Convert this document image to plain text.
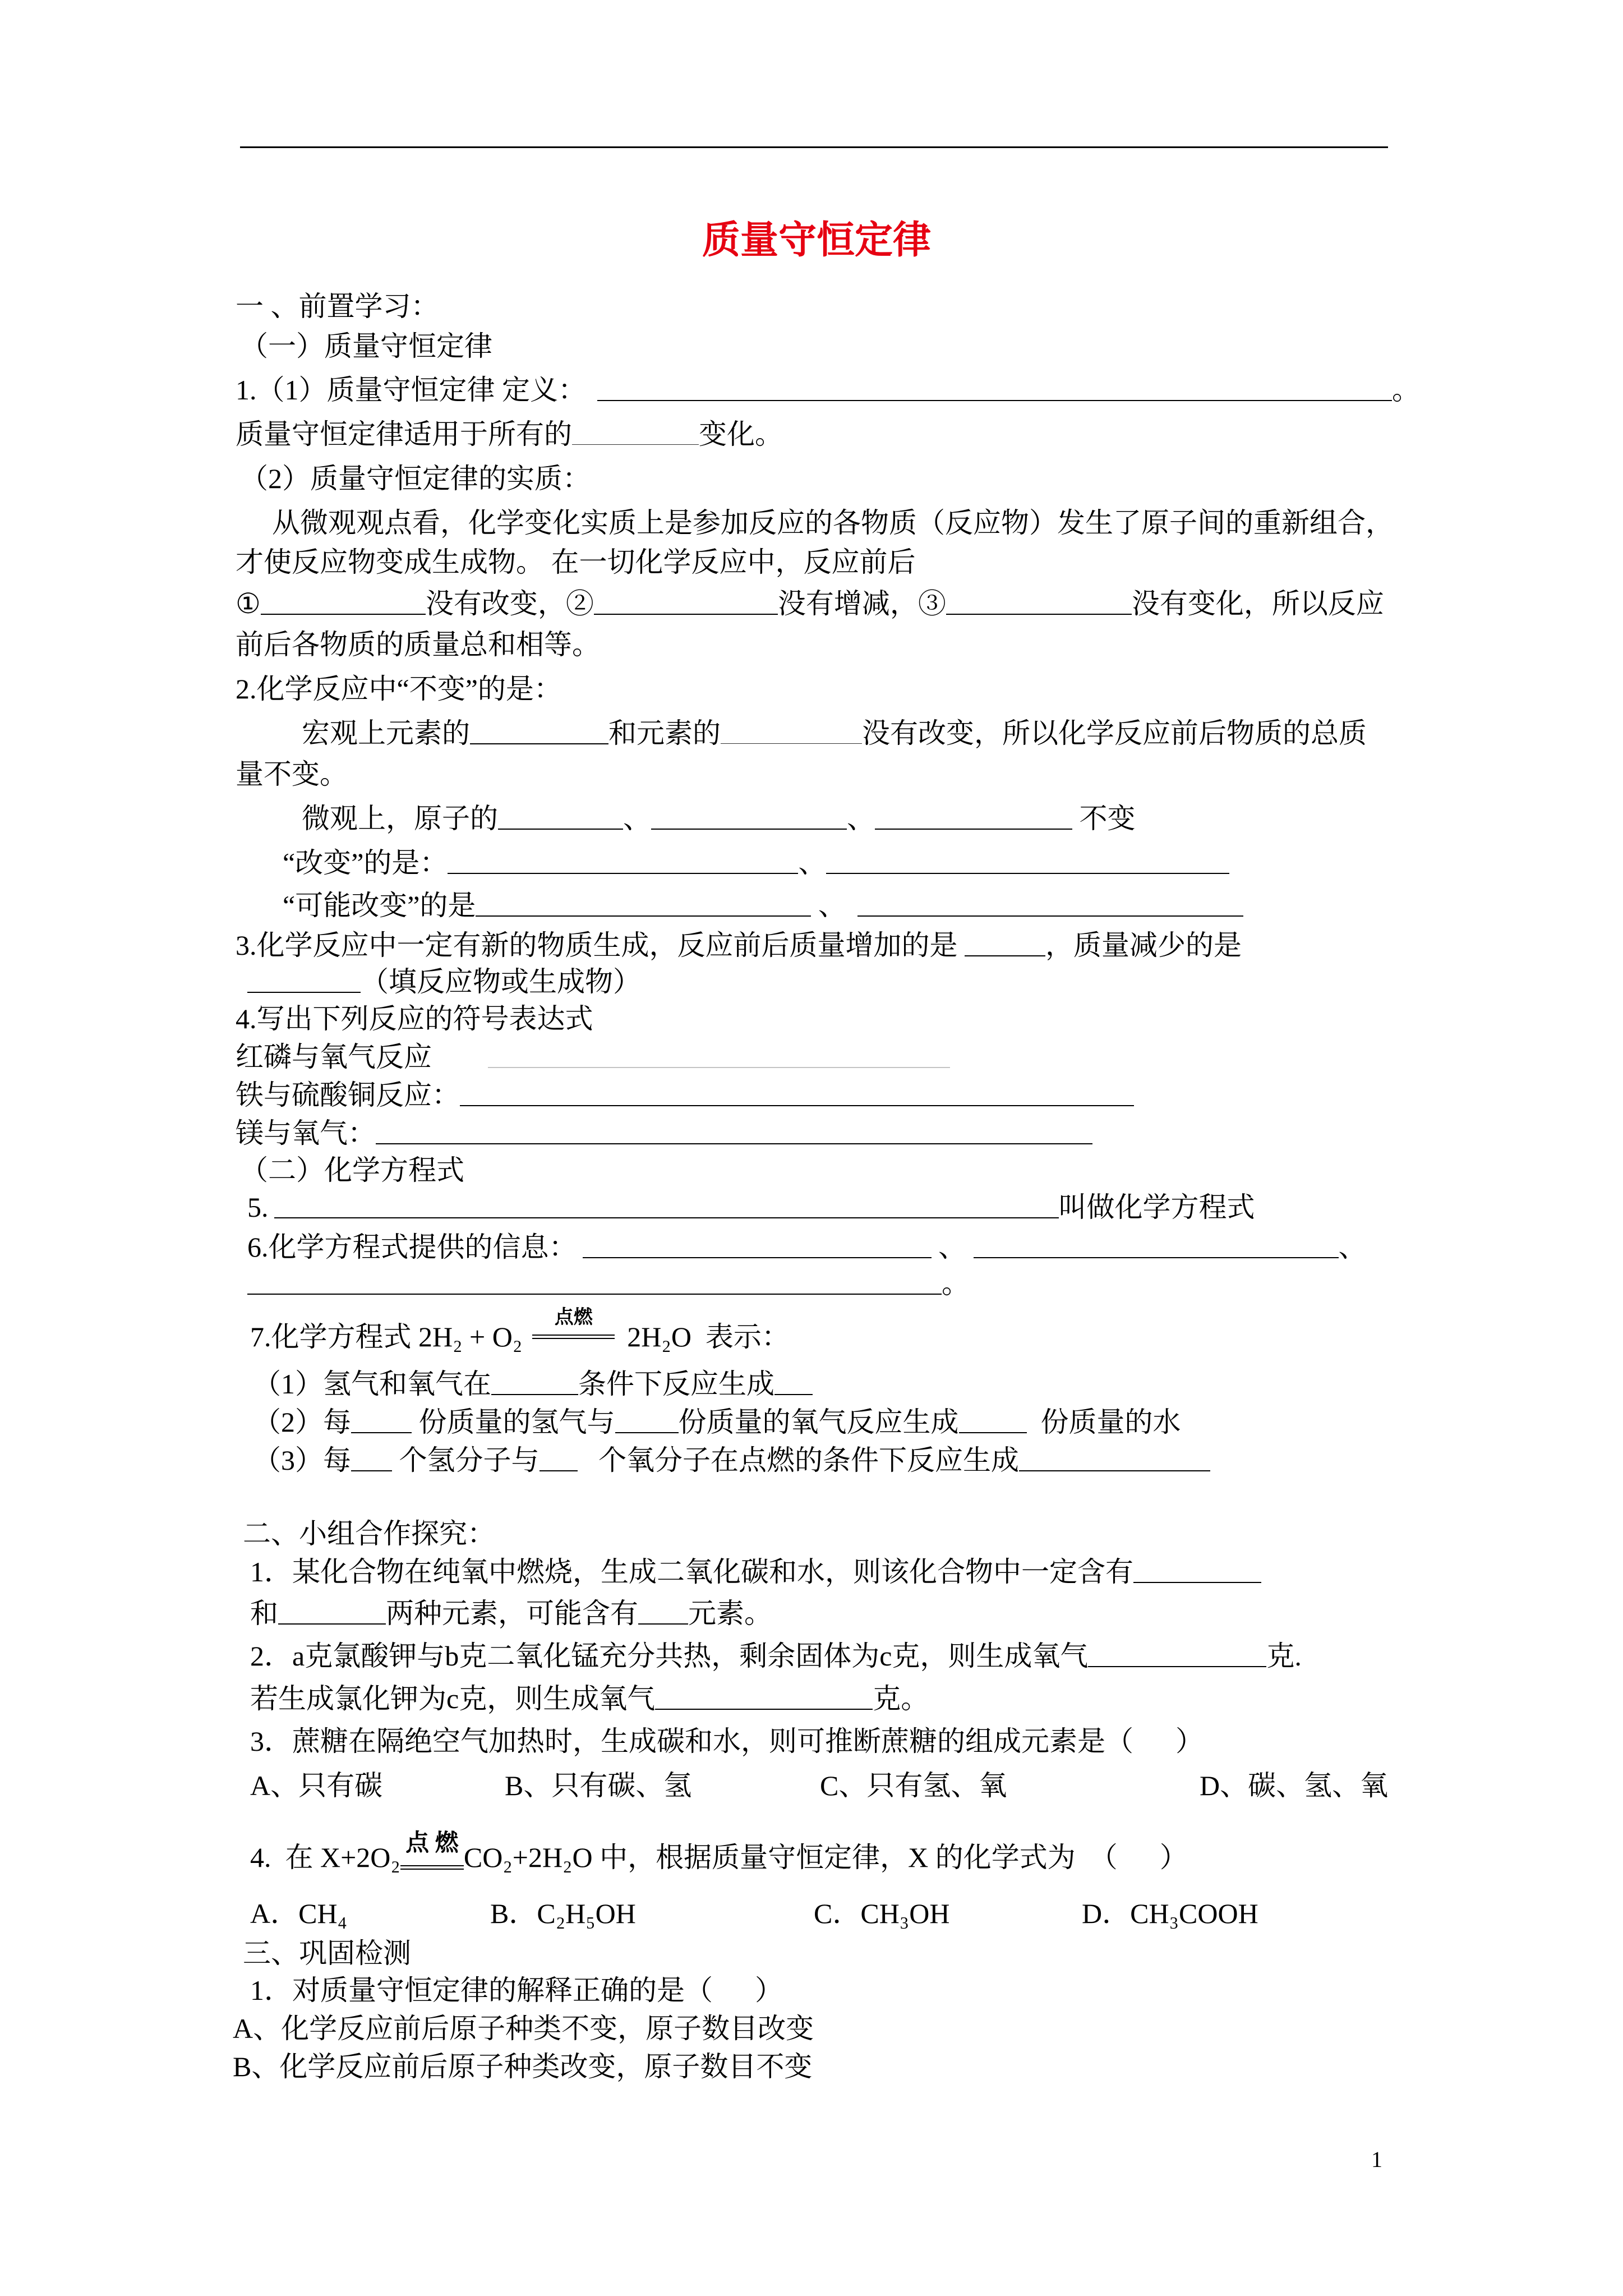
质量守恒定律
一 、前置学习：
（一）质量守恒定律
1.（1）质量守恒定律 定义：	。
质量守恒定律适用于所有的	变化。
（2）质量守恒定律的实质：
从微观观点看，化学变化实质上是参加反应的各物质（反应物）发生了原子间的重新组合，
才使反应物变成生成物。 在一切化学反应中，反应前后
①	没有改变，②	没有增减，③	没有变化，所以反应
前后各物质的质量总和相等。
2.化学反应中“不变”的是：
宏观上元素的	和元素的	没有改变，所以化学反应前后物质的总质
量不变。
微观上，原子的	、	、	不变
“改变”的是：	、
“可能改变”的是	、
3.化学反应中一定有新的物质生成，反应前后质量增加的是	，质量减少的是
（填反应物或生成物）
4.写出下列反应的符号表达式
红磷与氧气反应
铁与硫酸铜反应：
镁与氧气：
（二）化学方程式
5.	叫做化学方程式
6.化学方程式提供的信息：	、	、
。
7.化学方程式 2H₂ + O₂

点燃

2H₂O  表示：
（1）氢气和氧气在	条件下反应生成
（2）每 份质量的氢气与 份质量的氧气反应生成 份质量的水
（3）每 个氢分子与 个氧分子在点燃的条件下反应生成
二、小组合作探究：
1．某化合物在纯氧中燃烧，生成二氧化碳和水，则该化合物中一定含有
和	两种元素，可能含有 元素。
2．a克氯酸钾与b克二氧化锰充分共热，剩余固体为c克，则生成氧气	克.
若生成氯化钾为c克，则生成氧气	克。
3．蔗糖在隔绝空气加热时，生成碳和水，则可推断蔗糖的组成元素是（      ）
A、只有碳	B、只有碳、氢	C、只有氢、氧	D、碳、氢、氧
4.  在 X+2O₂

点 燃

CO₂+2H₂O 中，根据质量守恒定律，X 的化学式为  （      ）
A．CH₄	B．C₂H₅OH	C．CH₃OH	D．CH₃COOH
三、巩固检测
1．对质量守恒定律的解释正确的是（      ）
A、化学反应前后原子种类不变，原子数目改变
B、化学反应前后原子种类改变，原子数目不变
1
